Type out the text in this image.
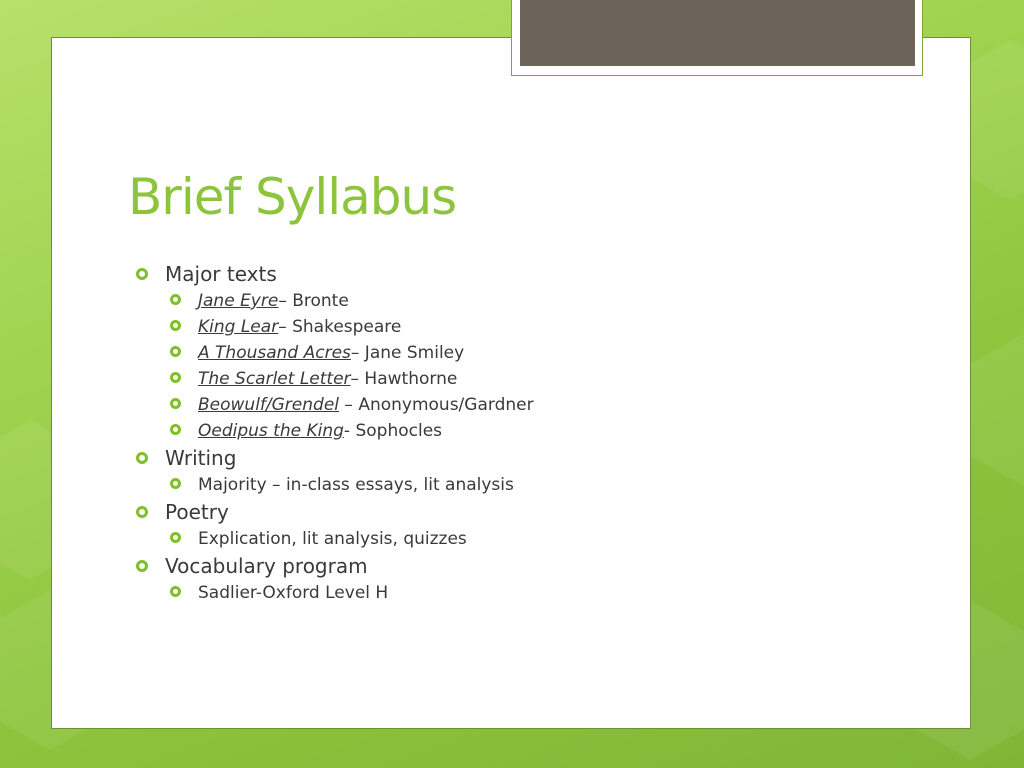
Brief Syllabus
Major texts
Jane Eyre – Bronte
King Lear – Shakespeare
A Thousand Acres – Jane Smiley
The Scarlet Letter – Hawthorne
Beowulf/Grendel – Anonymous/Gardner
Oedipus the King - Sophocles
Writing
Majority – in-class essays, lit analysis
Poetry
Explication, lit analysis, quizzes
Vocabulary program
Sadlier-Oxford Level H
